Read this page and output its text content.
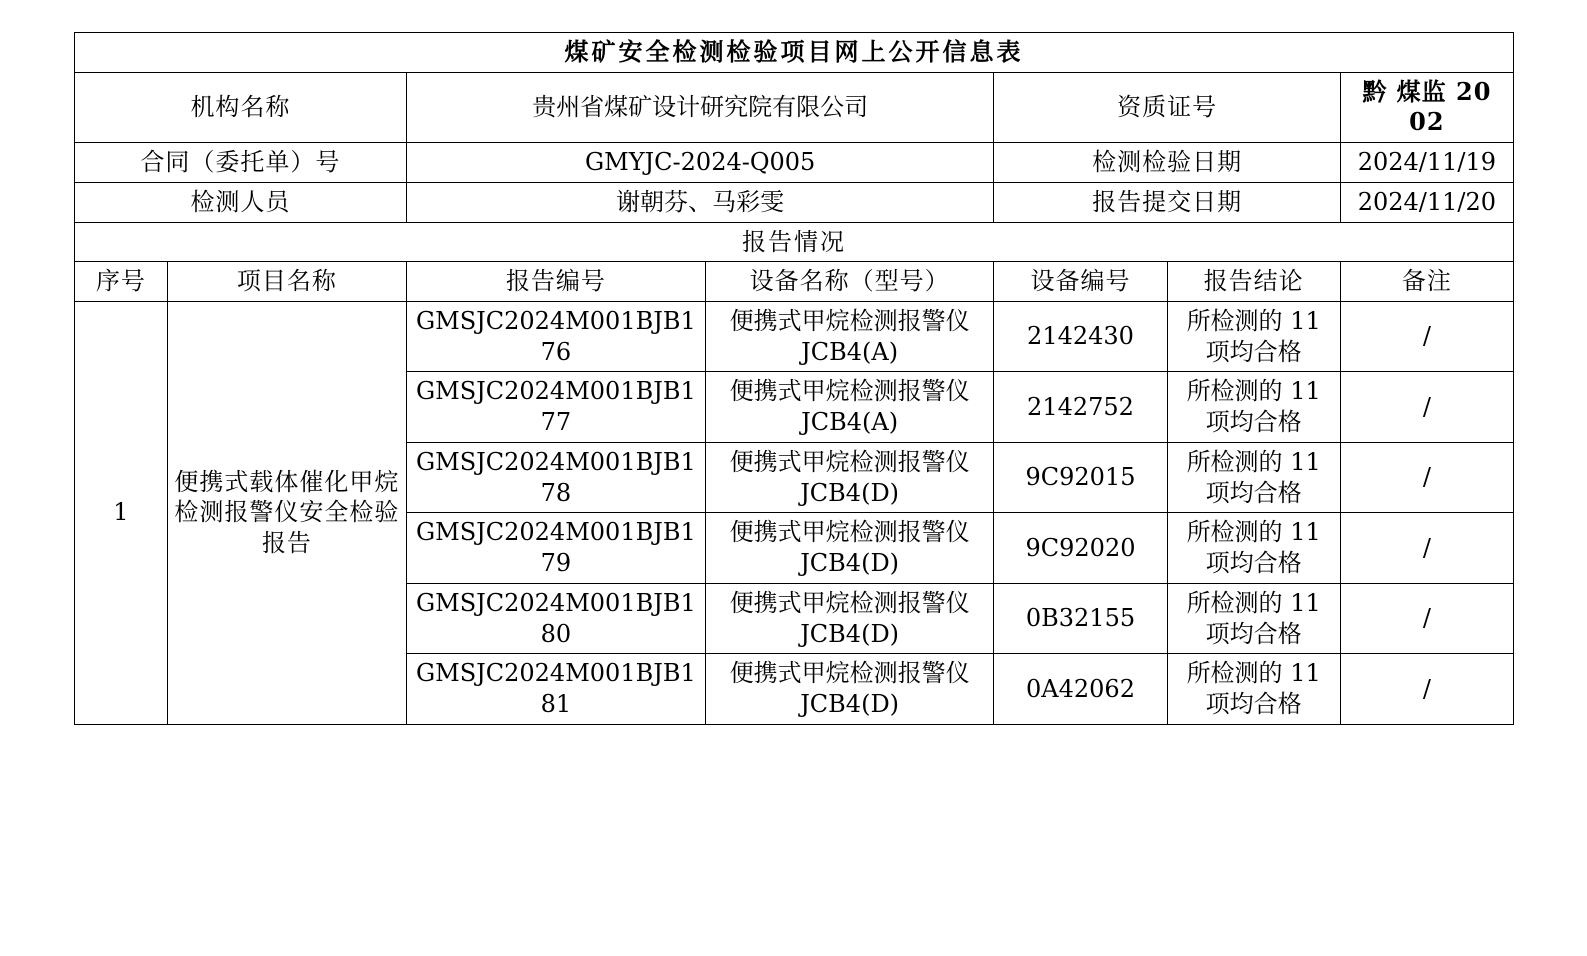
煤矿安全检测检验项目网上公开信息表						
机构名称		贵州省煤矿设计研究院有限公司		资质证号		黔 煤监 20 02
合同（委托单）号		GMYJC-2024-Q005		检测检验日期		2024/11/19
检测人员		谢朝芬、马彩雯		报告提交日期		2024/11/20
报告情况						
序号	项目名称	报告编号	设备名称（型号）	设备编号	报告结论	备注
1	便携式载体催化甲烷检测报警仪安全检验报告	GMSJC2024M001BJB176	便携式甲烷检测报警仪 JCB4(A)	2142430	所检测的 11 项均合格	/
		GMSJC2024M001BJB177	便携式甲烷检测报警仪 JCB4(A)	2142752	所检测的 11 项均合格	/
		GMSJC2024M001BJB178	便携式甲烷检测报警仪 JCB4(D)	9C92015	所检测的 11 项均合格	/
		GMSJC2024M001BJB179	便携式甲烷检测报警仪 JCB4(D)	9C92020	所检测的 11 项均合格	/
		GMSJC2024M001BJB180	便携式甲烷检测报警仪 JCB4(D)	0B32155	所检测的 11 项均合格	/
		GMSJC2024M001BJB181	便携式甲烷检测报警仪 JCB4(D)	0A42062	所检测的 11 项均合格	/
